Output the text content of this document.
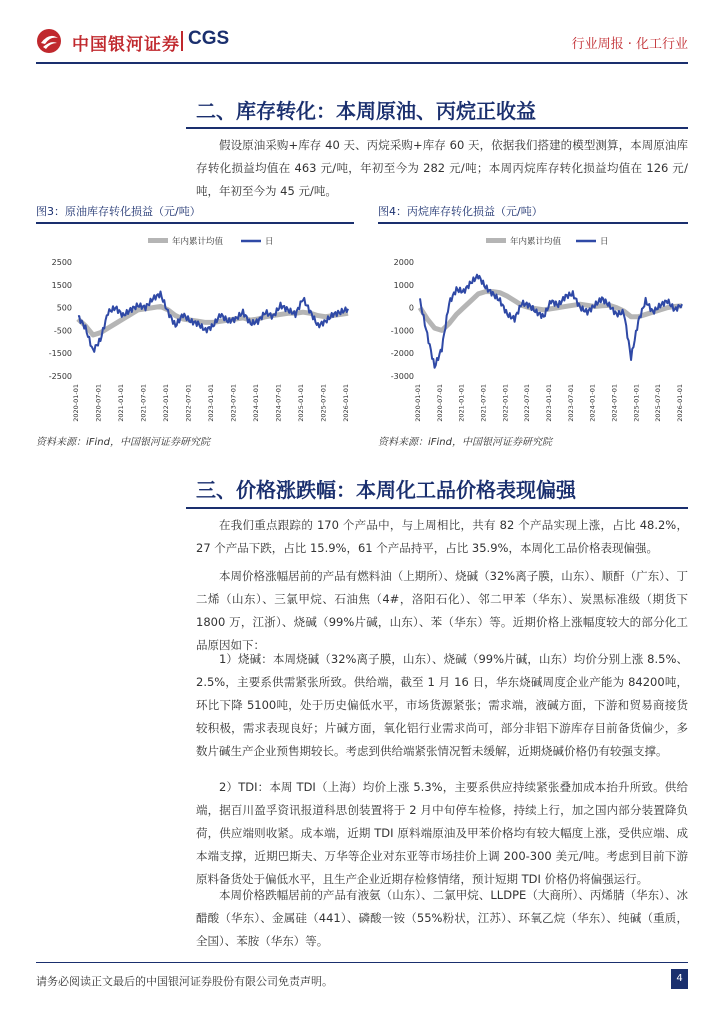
中国银河证券 CGS	行业周报 · 化工行业
二、库存转化：本周原油、丙烷正收益

假设原油采购+库存 40 天、丙烷采购+库存 60 天，依据我们搭建的模型测算，本周原油库存转化损益均值在 463 元/吨，年初至今为 282 元/吨；本周丙烷库存转化损益均值在 126 元/吨，年初至今为 45 元/吨。

图3：原油库存转化损益（元/吨）
年内累计均值	日
2500
1500
500
-500
-1500
-2500
2020-01-01 2020-07-01 2021-01-01 2021-07-01 2022-01-01 2022-07-01 2023-01-01 2023-07-01 2024-01-01 2024-07-01 2025-01-01 2025-07-01 2026-01-01
资料来源：iFind，中国银河证券研究院
图4：丙烷库存转化损益（元/吨）
年内累计均值	日
2000
1000
0
-1000
-2000
-3000
2020-01-01 2020-07-01 2021-01-01 2021-07-01 2022-01-01 2022-07-01 2023-01-01 2023-07-01 2024-01-01 2024-07-01 2025-01-01 2025-07-01 2026-01-01
资料来源：iFind，中国银河证券研究院
三、价格涨跌幅：本周化工品价格表现偏强

在我们重点跟踪的 170 个产品中，与上周相比，共有 82 个产品实现上涨，占比 48.2%，27 个产品下跌，占比 15.9%，61 个产品持平，占比 35.9%，本周化工品价格表现偏强。

本周价格涨幅居前的产品有燃料油（上期所）、烧碱（32%离子膜，山东）、顺酐（广东）、丁二烯（山东）、三氯甲烷、石油焦（4#，洛阳石化）、邻二甲苯（华东）、炭黑标准级（期货下1800 万，江浙）、烧碱（99%片碱，山东）、苯（华东）等。近期价格上涨幅度较大的部分化工品原因如下：

1）烧碱：本周烧碱（32%离子膜，山东）、烧碱（99%片碱，山东）均价分别上涨 8.5%、2.5%，主要系供需紧张所致。供给端，截至 1 月 16 日，华东烧碱周度企业产能为 84200吨，环比下降 5100吨，处于历史偏低水平，市场货源紧张；需求端，液碱方面，下游和贸易商接货较积极，需求表现良好；片碱方面，氧化铝行业需求尚可，部分非铝下游库存目前备货偏少，多数片碱生产企业预售期较长。考虑到供给端紧张情况暂未缓解，近期烧碱价格仍有较强支撑。

2）TDI：本周 TDI（上海）均价上涨 5.3%，主要系供应持续紧张叠加成本抬升所致。供给端，据百川盈孚资讯报道科思创装置将于 2 月中旬停车检修，持续上行，加之国内部分装置降负荷，供应端则收紧。成本端，近期 TDI 原料端原油及甲苯价格均有较大幅度上涨，受供应端、成本端支撑，近期巴斯夫、万华等企业对东亚等市场挂价上调 200-300 美元/吨。考虑到目前下游原料备货处于偏低水平，且生产企业近期存检修情绪，预计短期 TDI 价格仍将偏强运行。

本周价格跌幅居前的产品有液氨（山东）、二氯甲烷、LLDPE（大商所）、丙烯腈（华东）、冰醋酸（华东）、金属硅（441）、磷酸一铵（55%粉状，江苏）、环氧乙烷（华东）、纯碱（重质，全国）、苯胺（华东）等。

请务必阅读正文最后的中国银河证券股份有限公司免责声明。	4
